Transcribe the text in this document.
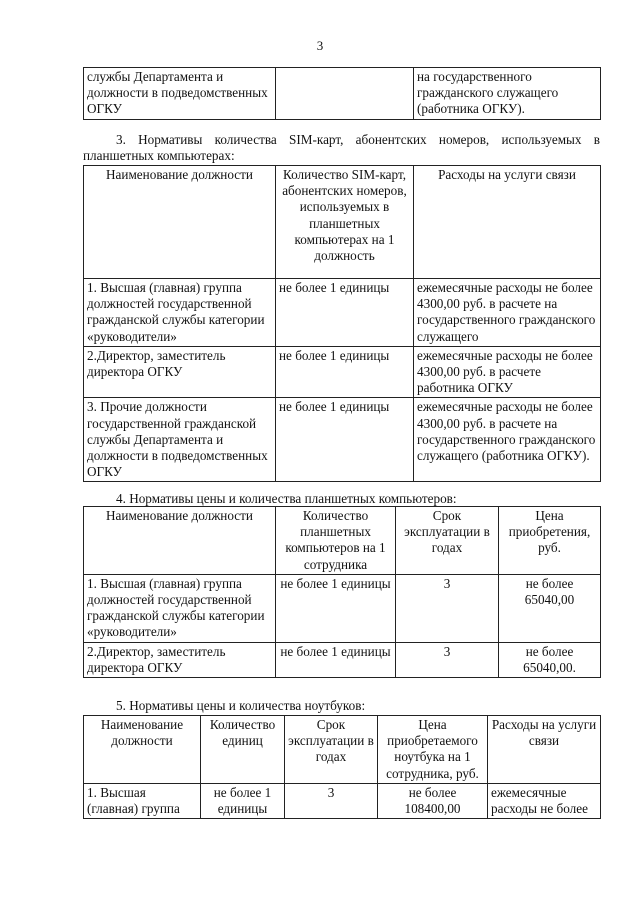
3
службы Департамента и должности в подведомственных ОГКУ		на государственного гражданского служащего (работника ОГКУ).
3. Нормативы количества SIM-карт, абонентских номеров, используемых в
планшетных компьютерах:
Наименование должности	Количество SIM-карт, абонентских номеров, используемых в планшетных компьютерах на 1 должность	Расходы на услуги связи
1. Высшая (главная) группа должностей государственной гражданской службы категории «руководители»	не более 1 единицы	ежемесячные расходы не более 4300,00 руб. в расчете на государственного гражданского служащего
2.Директор, заместитель директора ОГКУ	не более 1 единицы	ежемесячные расходы не более 4300,00 руб. в расчете работника ОГКУ
3. Прочие должности государственной гражданской службы Департамента и должности в подведомственных ОГКУ	не более 1 единицы	ежемесячные расходы не более 4300,00 руб. в расчете на государственного гражданского служащего (работника ОГКУ).
4. Нормативы цены и количества планшетных компьютеров:
Наименование должности	Количество планшетных компьютеров на 1 сотрудника	Срок эксплуатации в годах	Цена приобретения, руб.
1. Высшая (главная) группа должностей государственной гражданской службы категории «руководители»	не более 1 единицы	3	не более 65040,00
2.Директор, заместитель директора ОГКУ	не более 1 единицы	3	не более 65040,00.
5. Нормативы цены и количества ноутбуков:
Наименование должности	Количество единиц	Срок эксплуатации в годах	Цена приобретаемого ноутбука на 1 сотрудника, руб.	Расходы на услуги связи
1. Высшая (главная) группа	не более 1 единицы	3	не более 108400,00	ежемесячные расходы не более
